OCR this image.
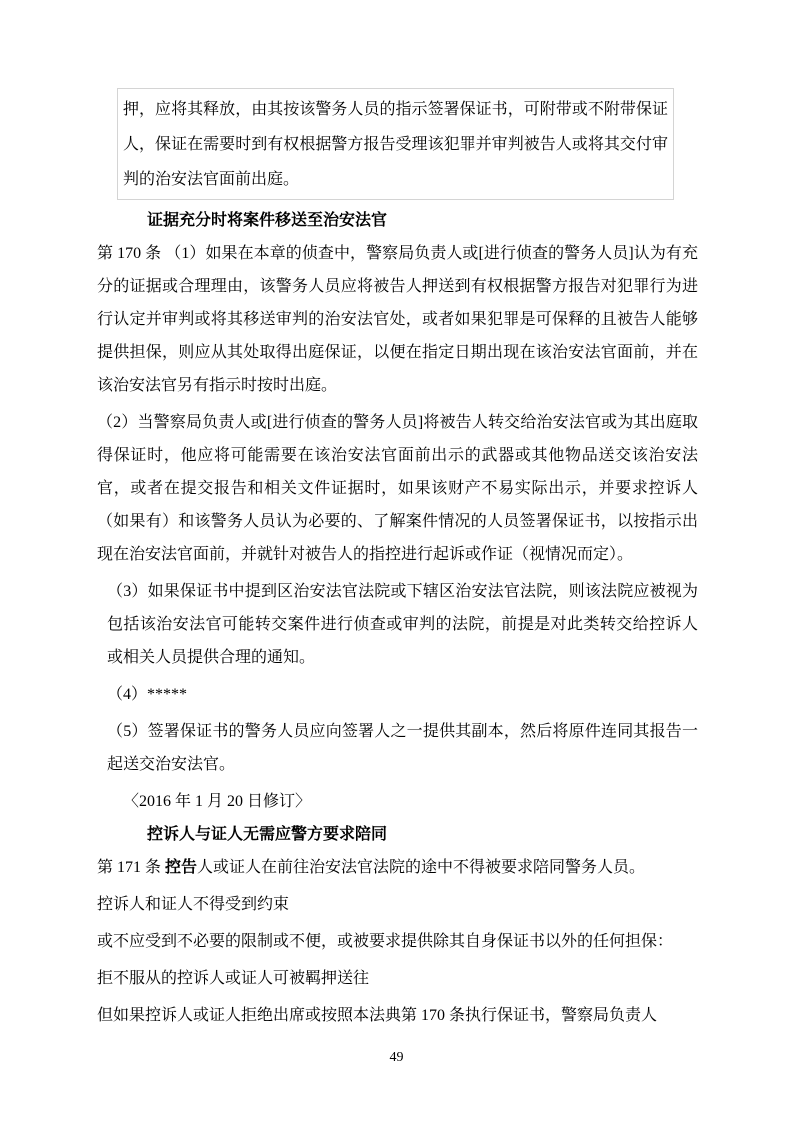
押，应将其释放，由其按该警务人员的指示签署保证书，可附带或不附带保证人，保证在需要时到有权根据警方报告受理该犯罪并审判被告人或将其交付审判的治安法官面前出庭。
证据充分时将案件移送至治安法官
第 170 条 （1）如果在本章的侦查中，警察局负责人或[进行侦查的警务人员]认为有充分的证据或合理理由，该警务人员应将被告人押送到有权根据警方报告对犯罪行为进行认定并审判或将其移送审判的治安法官处，或者如果犯罪是可保释的且被告人能够提供担保，则应从其处取得出庭保证，以便在指定日期出现在该治安法官面前，并在该治安法官另有指示时按时出庭。
（2）当警察局负责人或[进行侦查的警务人员]将被告人转交给治安法官或为其出庭取得保证时，他应将可能需要在该治安法官面前出示的武器或其他物品送交该治安法官，或者在提交报告和相关文件证据时，如果该财产不易实际出示，并要求控诉人（如果有）和该警务人员认为必要的、了解案件情况的人员签署保证书，以按指示出现在治安法官面前，并就针对被告人的指控进行起诉或作证（视情况而定）。
（3）如果保证书中提到区治安法官法院或下辖区治安法官法院，则该法院应被视为包括该治安法官可能转交案件进行侦查或审判的法院，前提是对此类转交给控诉人或相关人员提供合理的通知。
（4）*****
（5）签署保证书的警务人员应向签署人之一提供其副本，然后将原件连同其报告一起送交治安法官。
〈2016 年 1 月 20 日修订〉
控诉人与证人无需应警方要求陪同
第 171 条 控告人或证人在前往治安法官法院的途中不得被要求陪同警务人员。
控诉人和证人不得受到约束
或不应受到不必要的限制或不便，或被要求提供除其自身保证书以外的任何担保：
拒不服从的控诉人或证人可被羁押送往
但如果控诉人或证人拒绝出席或按照本法典第 170 条执行保证书，警察局负责人
49
